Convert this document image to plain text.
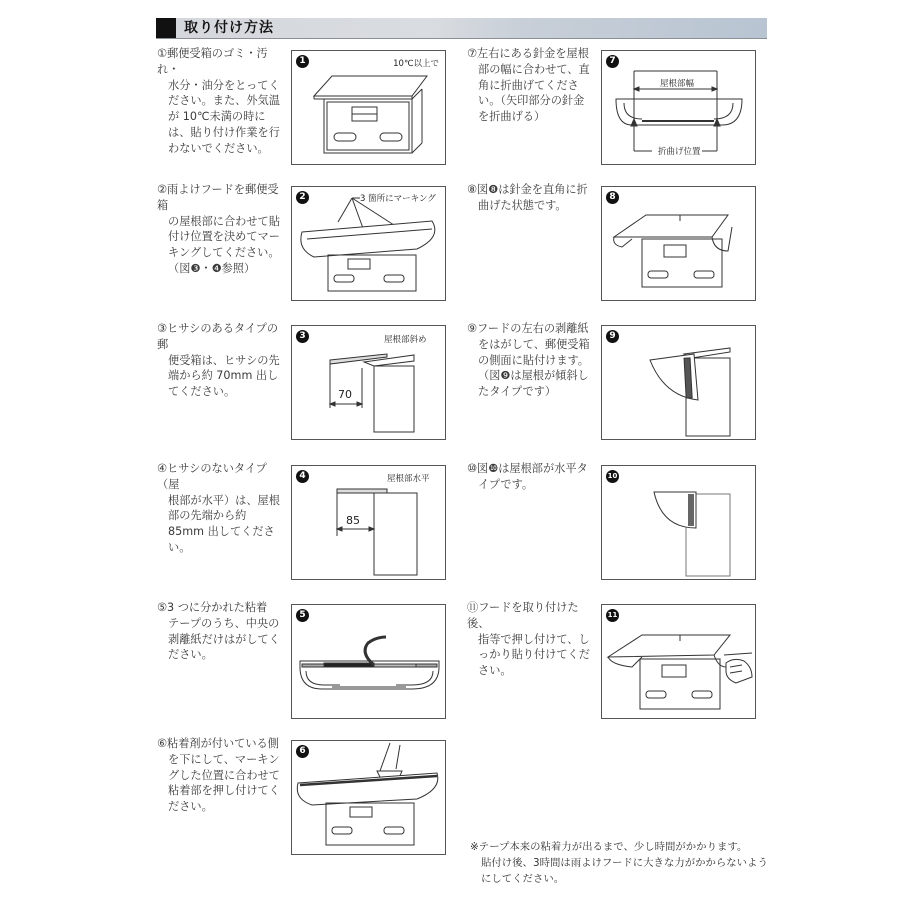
取り付け方法
①郵便受箱のゴミ・汚れ・
水分・油分をとってください。また、外気温が 10℃未満の時には、貼り付け作業を行わないでください。
1	10℃以上で
②雨よけフードを郵便受箱
の屋根部に合わせて貼付け位置を決めてマーキングしてください。（図❸・❹参照）
2	3 箇所にマーキング
③ヒサシのあるタイプの郵
便受箱は、ヒサシの先端から約 70mm 出してください。
3	屋根部斜め
70
④ヒサシのないタイプ（屋
根部が水平）は、屋根部の先端から約 85mm 出してください。
4	屋根部水平
85
⑤3 つに分かれた粘着
テープのうち、中央の剥離紙だけはがしてください。
5
⑥粘着剤が付いている側
を下にして、マーキングした位置に合わせて粘着部を押し付けてください。
6
⑦左右にある針金を屋根
部の幅に合わせて、直角に折曲げてください。（矢印部分の針金を折曲げる）
7
屋根部幅
折曲げ位置
⑧図❽は針金を直角に折
曲げた状態です。
8
⑨フードの左右の剥離紙
をはがして、郵便受箱の側面に貼付けます。（図❾は屋根が傾斜したタイプです）
9
⑩図❿は屋根部が水平タ
イプです。
10
⑪フードを取り付けた後、
指等で押し付けて、しっかり貼り付けてください。
11
※テープ本来の粘着力が出るまで、少し時間がかかります。
貼付け後、3時間は雨よけフードに大きな力がかからないようにしてください。
